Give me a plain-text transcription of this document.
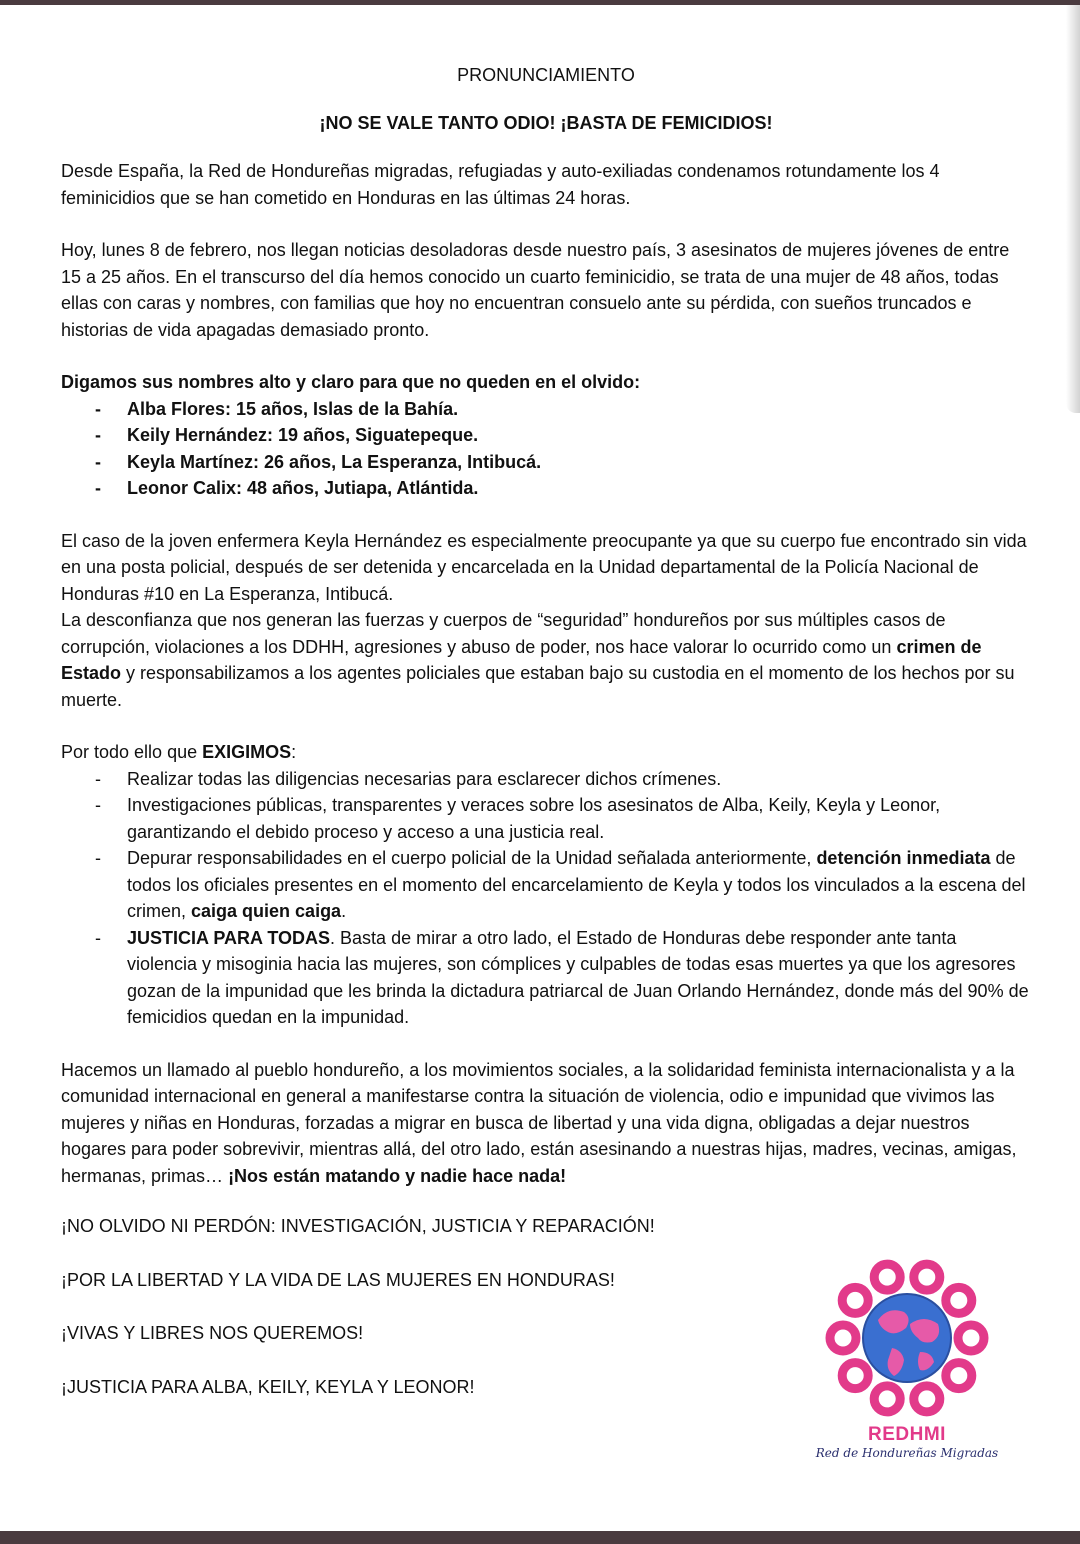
PRONUNCIAMIENTO
¡NO SE VALE TANTO ODIO! ¡BASTA DE FEMICIDIOS!

Desde España, la Red de Hondureñas migradas, refugiadas y auto-exiliadas condenamos rotundamente los 4 feminicidios que se han cometido en Honduras en las últimas 24 horas.

Hoy, lunes 8 de febrero, nos llegan noticias desoladoras desde nuestro país, 3 asesinatos de mujeres jóvenes de entre 15 a 25 años. En el transcurso del día hemos conocido un cuarto feminicidio, se trata de una mujer de 48 años, todas ellas con caras y nombres, con familias que hoy no encuentran consuelo ante su pérdida, con sueños truncados e historias de vida apagadas demasiado pronto.

Digamos sus nombres alto y claro para que no queden en el olvido:

- Alba Flores: 15 años, Islas de la Bahía.
- Keily Hernández: 19 años, Siguatepeque.
- Keyla Martínez: 26 años, La Esperanza, Intibucá.
- Leonor Calix: 48 años, Jutiapa, Atlántida.

El caso de la joven enfermera Keyla Hernández es especialmente preocupante ya que su cuerpo fue encontrado sin vida en una posta policial, después de ser detenida y encarcelada en la Unidad departamental de la Policía Nacional de Honduras #10 en La Esperanza, Intibucá.

La desconfianza que nos generan las fuerzas y cuerpos de “seguridad” hondureños por sus múltiples casos de corrupción, violaciones a los DDHH, agresiones y abuso de poder, nos hace valorar lo ocurrido como un crimen de Estado y responsabilizamos a los agentes policiales que estaban bajo su custodia en el momento de los hechos por su muerte.

Por todo ello que EXIGIMOS:

- Realizar todas las diligencias necesarias para esclarecer dichos crímenes.
- Investigaciones públicas, transparentes y veraces sobre los asesinatos de Alba, Keily, Keyla y Leonor, garantizando el debido proceso y acceso a una justicia real.
- Depurar responsabilidades en el cuerpo policial de la Unidad señalada anteriormente, detención inmediata de todos los oficiales presentes en el momento del encarcelamiento de Keyla y todos los vinculados a la escena del crimen, caiga quien caiga.
- JUSTICIA PARA TODAS. Basta de mirar a otro lado, el Estado de Honduras debe responder ante tanta violencia y misoginia hacia las mujeres, son cómplices y culpables de todas esas muertes ya que los agresores gozan de la impunidad que les brinda la dictadura patriarcal de Juan Orlando Hernández, donde más del 90% de femicidios quedan en la impunidad.

Hacemos un llamado al pueblo hondureño, a los movimientos sociales, a la solidaridad feminista internacionalista y a la comunidad internacional en general a manifestarse contra la situación de violencia, odio e impunidad que vivimos las mujeres y niñas en Honduras, forzadas a migrar en busca de libertad y una vida digna, obligadas a dejar nuestros hogares para poder sobrevivir, mientras allá, del otro lado, están asesinando a nuestras hijas, madres, vecinas, amigas, hermanas, primas… ¡Nos están matando y nadie hace nada!

¡NO OLVIDO NI PERDÓN: INVESTIGACIÓN, JUSTICIA Y REPARACIÓN!

¡POR LA LIBERTAD Y LA VIDA DE LAS MUJERES EN HONDURAS!

¡VIVAS Y LIBRES NOS QUEREMOS!

¡JUSTICIA PARA ALBA, KEILY, KEYLA Y LEONOR!

REDHMI
Red de Hondureñas Migradas
